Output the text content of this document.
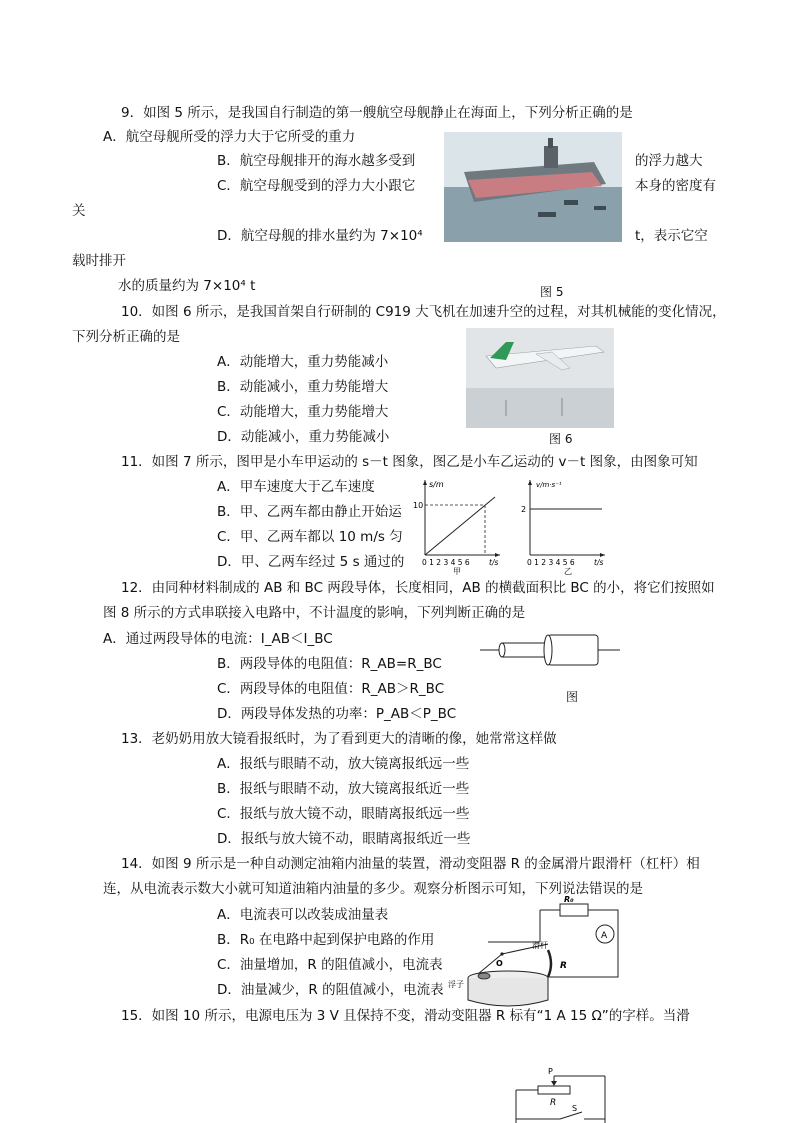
9．如图 5 所示，是我国自行制造的第一艘航空母舰静止在海面上，下列分析正确的是
A．航空母舰所受的浮力大于它所受的重力
B．航空母舰排开的海水越多受到	的浮力越大
C．航空母舰受到的浮力大小跟它	本身的密度有
关
D．航空母舰的排水量约为 7×10⁴	t，表示它空
载时排开
水的质量约为 7×10⁴ t	图 5
10．如图 6 所示，是我国首架自行研制的 C919 大飞机在加速升空的过程，对其机械能的变化情况，
下列分析正确的是
A．动能增大，重力势能减小
B．动能减小，重力势能增大
C．动能增大，重力势能增大
D．动能减小，重力势能减小	图 6
11．如图 7 所示，图甲是小车甲运动的 s－t 图象，图乙是小车乙运动的 v－t 图象，由图象可知
A．甲车速度大于乙车速度
B．甲、乙两车都由静止开始运
C．甲、乙两车都以 10 m/s 匀
D．甲、乙两车经过 5 s 通过的
s/m
10
0 1 2 3 4 5 6	t/s
甲
v/m·s⁻¹
2
0 1 2 3 4 5 6	t/s
乙
12．由同种材料制成的 AB 和 BC 两段导体，长度相同，AB 的横截面积比 BC 的小，将它们按照如
图 8 所示的方式串联接入电路中，不计温度的影响，下列判断正确的是
A．通过两段导体的电流：I_AB＜I_BC
B．两段导体的电阻值：R_AB=R_BC
C．两段导体的电阻值：R_AB＞R_BC
D．两段导体发热的功率：P_AB＜P_BC
图
13．老奶奶用放大镜看报纸时，为了看到更大的清晰的像，她常常这样做
A．报纸与眼睛不动，放大镜离报纸远一些
B．报纸与眼睛不动，放大镜离报纸近一些
C．报纸与放大镜不动，眼睛离报纸远一些
D．报纸与放大镜不动，眼睛离报纸近一些
14．如图 9 所示是一种自动测定油箱内油量的装置，滑动变阻器 R 的金属滑片跟滑杆（杠杆）相
连，从电流表示数大小就可知道油箱内油量的多少。观察分析图示可知，下列说法错误的是
A．电流表可以改装成油量表
B．R₀ 在电路中起到保护电路的作用
C．油量增加，R 的阻值减小，电流表
D．油量减少，R 的阻值减小，电流表
R₀
A
R
滑杆
O
浮子
15．如图 10 所示，电源电压为 3 V 且保持不变，滑动变阻器 R 标有“1 A 15 Ω”的字样。当滑
P
R
S
